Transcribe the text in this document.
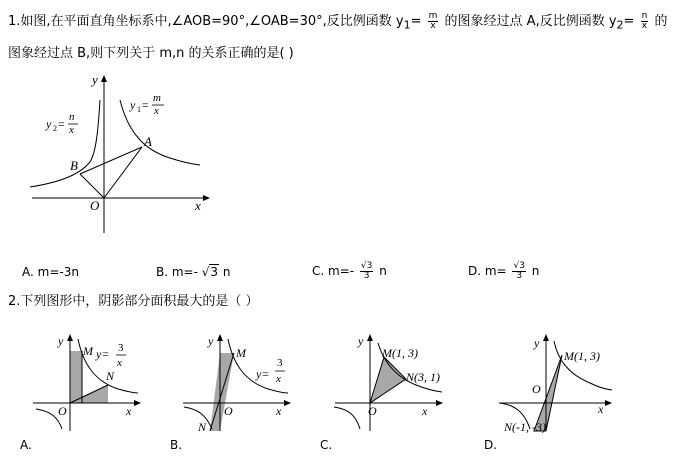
1.如图,在平面直角坐标系中,∠AOB=90°,∠OAB=30°,反比例函数 $y_1= \frac{m}{x}$ 的图象经过点 A,反比例函数 $y_2= \frac{n}{x}$ 的
图象经过点 B,则下列关于 m,n 的关系正确的是( )
A
B
O	x
y
y 1 = m
x
y 2 = n
x
A. m=-3n	B. m=- √3 n	C. $m=- \frac{√3}{3}$ n	D. $m= \frac{√3}{3}$ n
2.下列图形中，阴影部分面积最大的是（ ）
y
M y= 3
x
N
O	x
A.
y
M
y=
3
x
O	x
N
B.
y
M(1, 3)
N(3, 1)
O	x
C.
y
M(1, 3)
O
x
N(-1, -3)
D.
